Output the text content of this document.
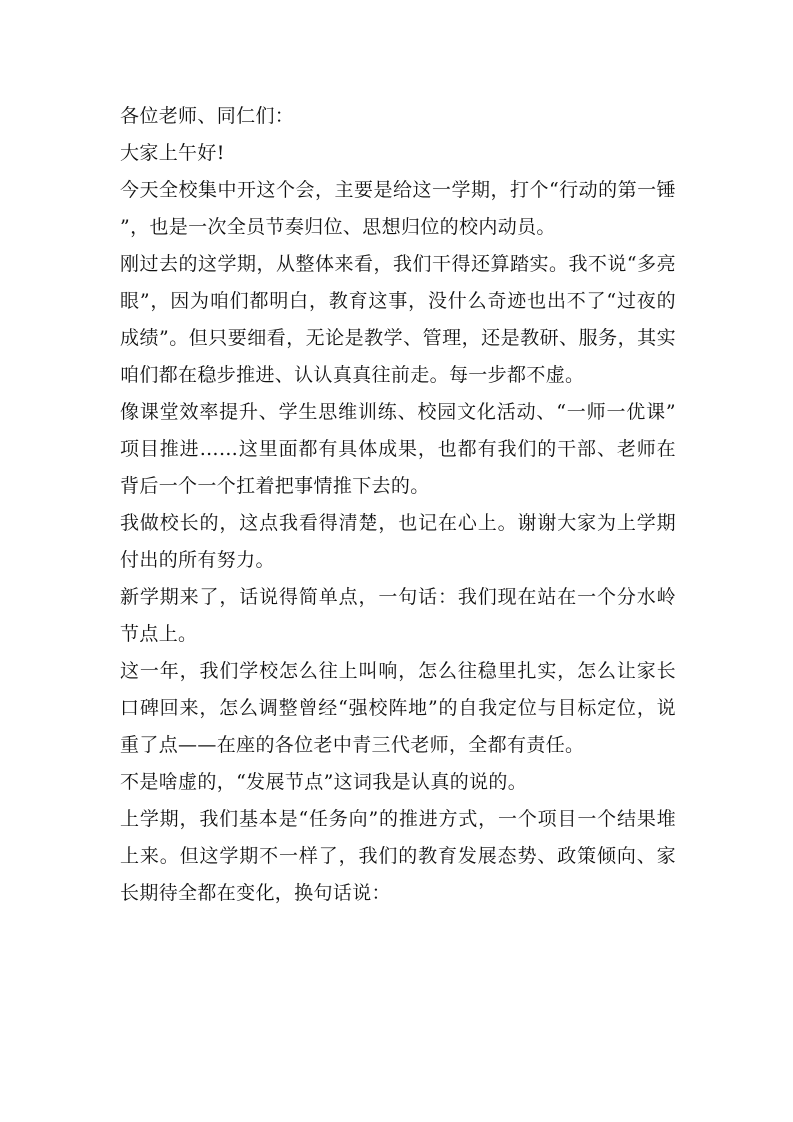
各位老师、同仁们：

大家上午好!

今天全校集中开这个会，主要是给这一学期，打个“行动的第一锤”，也是一次全员节奏归位、思想归位的校内动员。

刚过去的这学期，从整体来看，我们干得还算踏实。我不说“多亮眼”，因为咱们都明白，教育这事，没什么奇迹也出不了“过夜的成绩”。但只要细看，无论是教学、管理，还是教研、服务，其实咱们都在稳步推进、认认真真往前走。每一步都不虚。

像课堂效率提升、学生思维训练、校园文化活动、“一师一优课”项目推进……这里面都有具体成果，也都有我们的干部、老师在背后一个一个扛着把事情推下去的。

我做校长的，这点我看得清楚，也记在心上。谢谢大家为上学期付出的所有努力。

新学期来了，话说得简单点，一句话：我们现在站在一个分水岭节点上。

这一年，我们学校怎么往上叫响，怎么往稳里扎实，怎么让家长口碑回来，怎么调整曾经“强校阵地”的自我定位与目标定位，说重了点——在座的各位老中青三代老师，全都有责任。

不是啥虚的，“发展节点”这词我是认真的说的。

上学期，我们基本是“任务向”的推进方式，一个项目一个结果堆上来。但这学期不一样了，我们的教育发展态势、政策倾向、家长期待全都在变化，换句话说：
